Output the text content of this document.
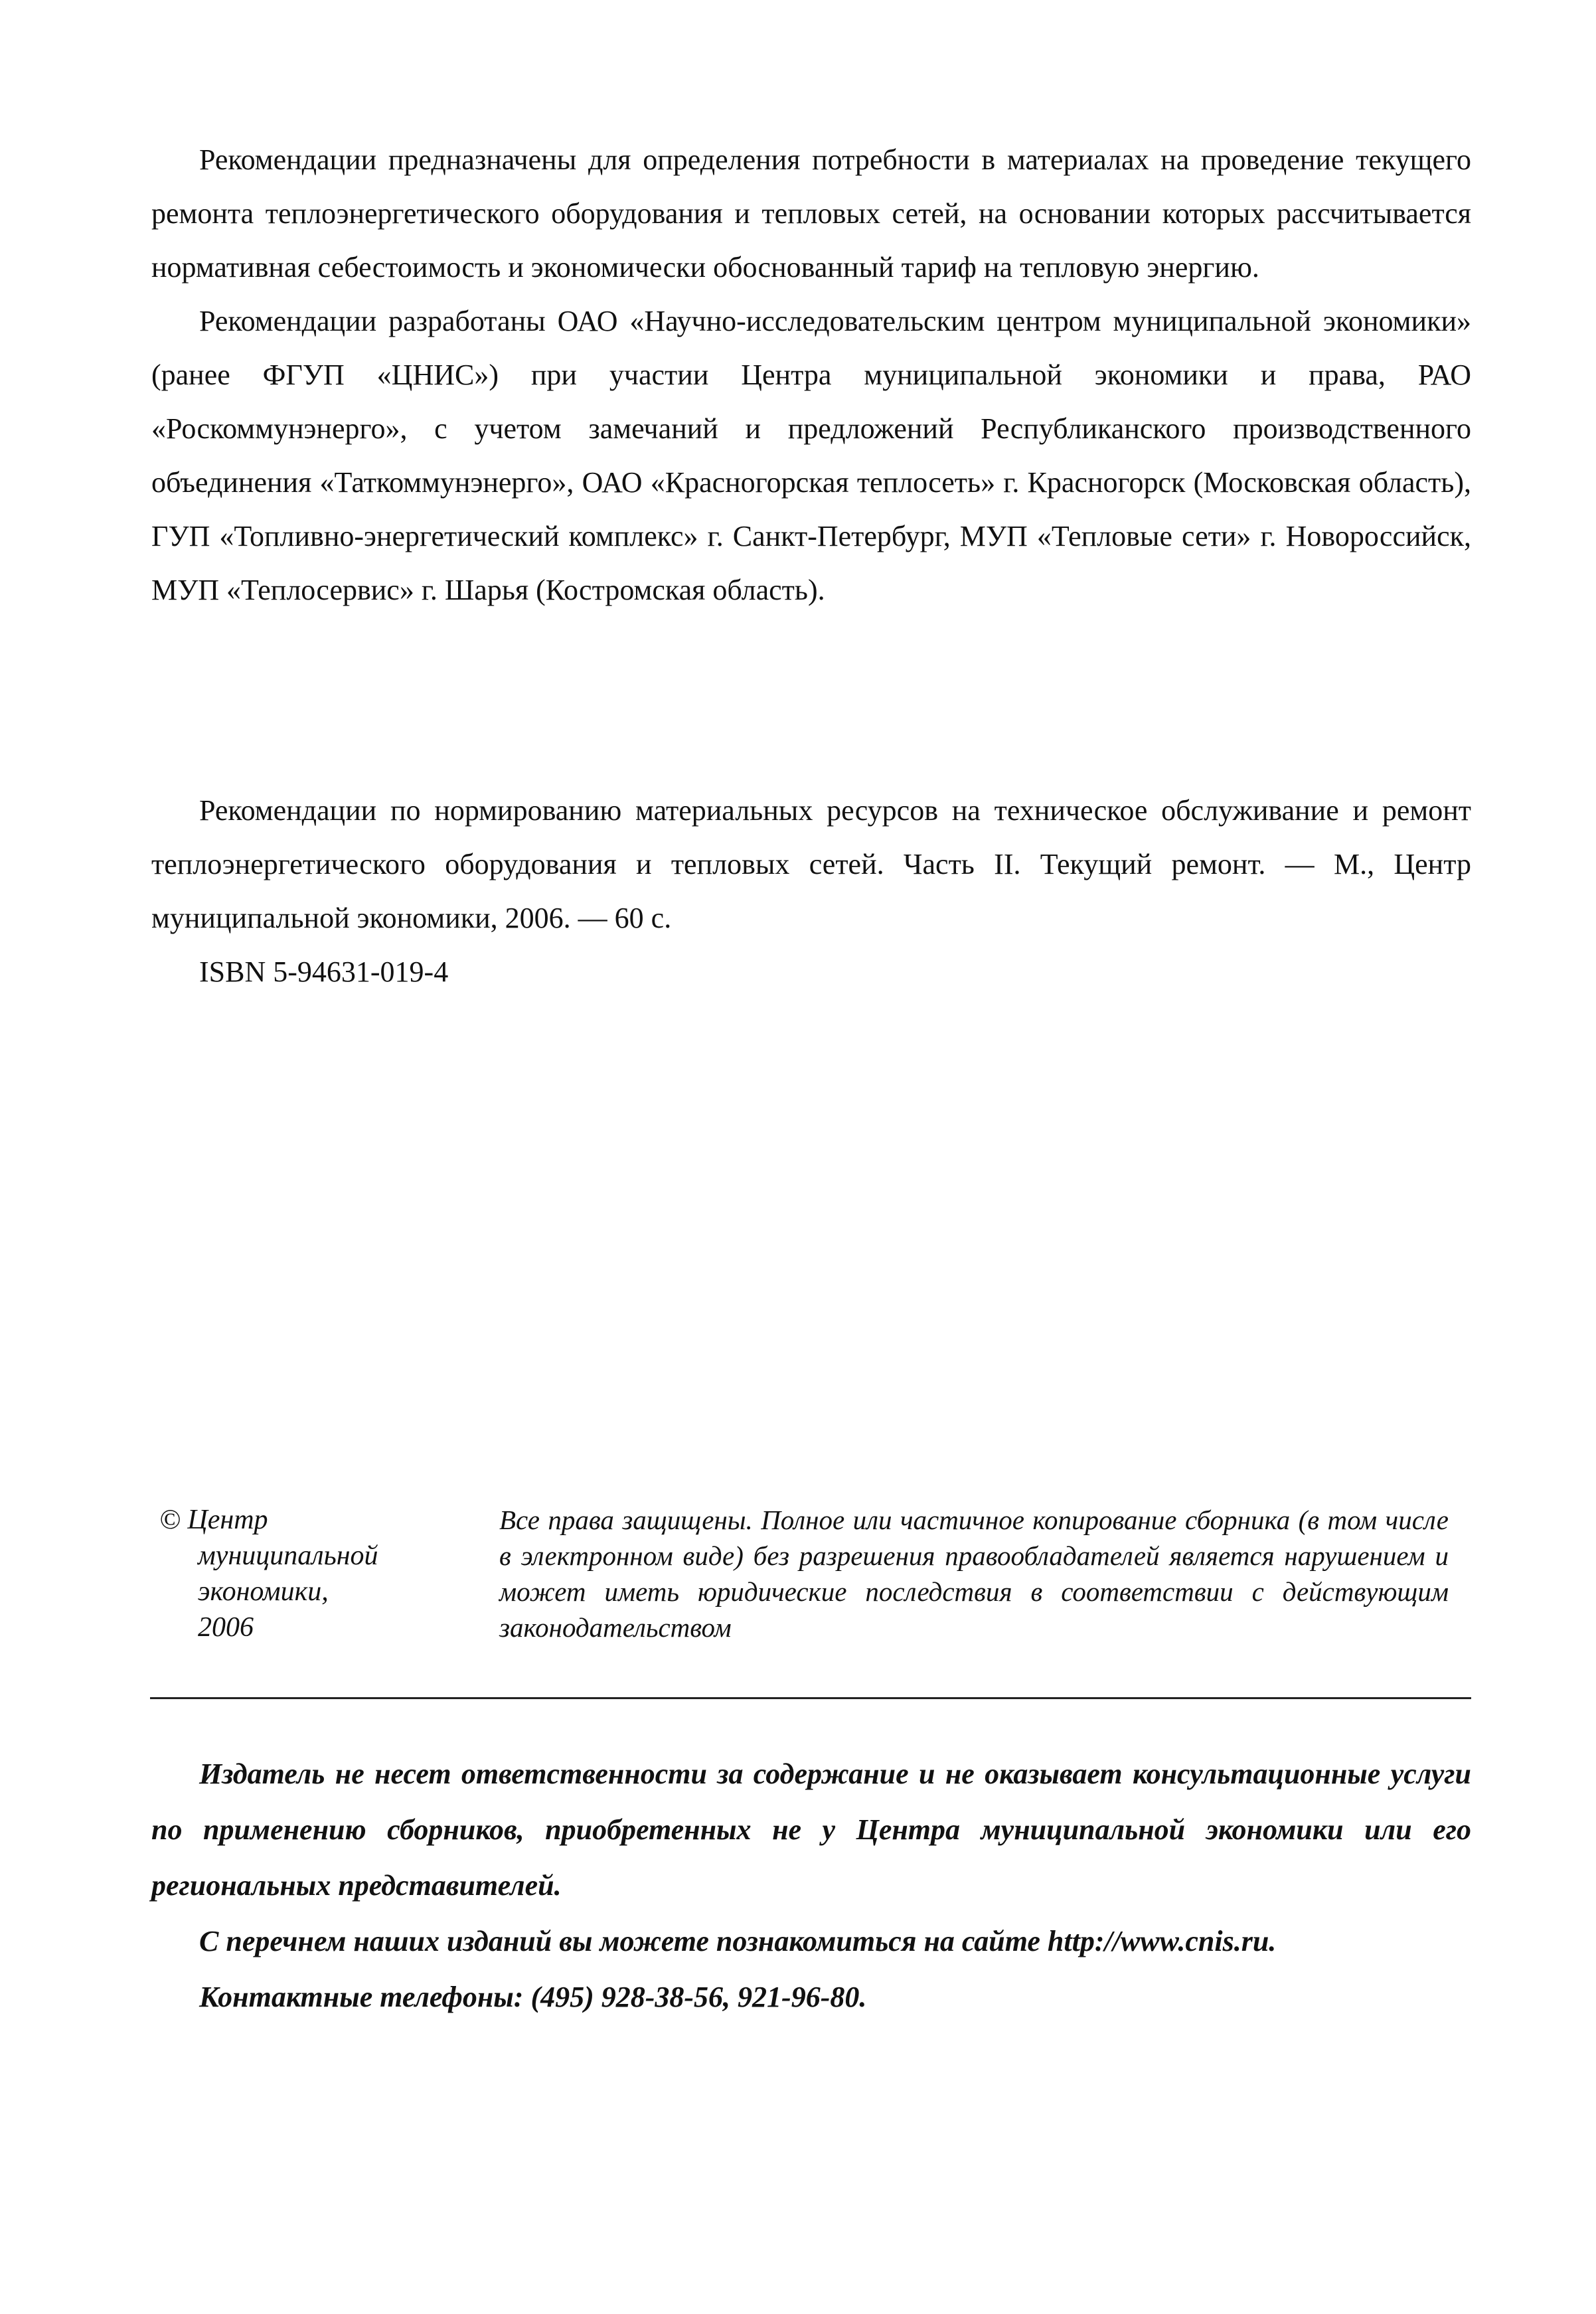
Рекомендации предназначены для определения потребности в материалах на проведение текущего ремонта теплоэнергетического оборудования и тепловых сетей, на основании которых рассчитывается нормативная себестоимость и экономически обоснованный тариф на тепловую энергию.

Рекомендации разработаны ОАО «Научно-исследовательским центром муниципальной экономики» (ранее ФГУП «ЦНИС») при участии Центра муниципальной экономики и права, РАО «Роскоммунэнерго», с учетом замечаний и предложений Республиканского производственного объединения «Таткоммунэнерго», ОАО «Красногорская теплосеть» г. Красногорск (Московская область), ГУП «Топливно-энергетический комплекс» г. Санкт-Петербург, МУП «Тепловые сети» г. Новороссийск, МУП «Теплосервис» г. Шарья (Костромская область).

Рекомендации по нормированию материальных ресурсов на техническое обслуживание и ремонт теплоэнергетического оборудования и тепловых сетей. Часть II. Текущий ремонт. — М., Центр муниципальной экономики, 2006. — 60 с.

ISBN 5-94631-019-4

© Центр
муниципальной
экономики,
2006
Все права защищены. Полное или частичное копирование сборника (в том числе в электронном виде) без разрешения правообладателей является нарушением и может иметь юридические последствия в соответствии с действующим законодательством

Издатель не несет ответственности за содержание и не оказывает консультационные услуги по применению сборников, приобретенных не у Центра муниципальной экономики или его региональных представителей.

С перечнем наших изданий вы можете познакомиться на сайте http://www.cnis.ru.

Контактные телефоны: (495) 928-38-56, 921-96-80.
